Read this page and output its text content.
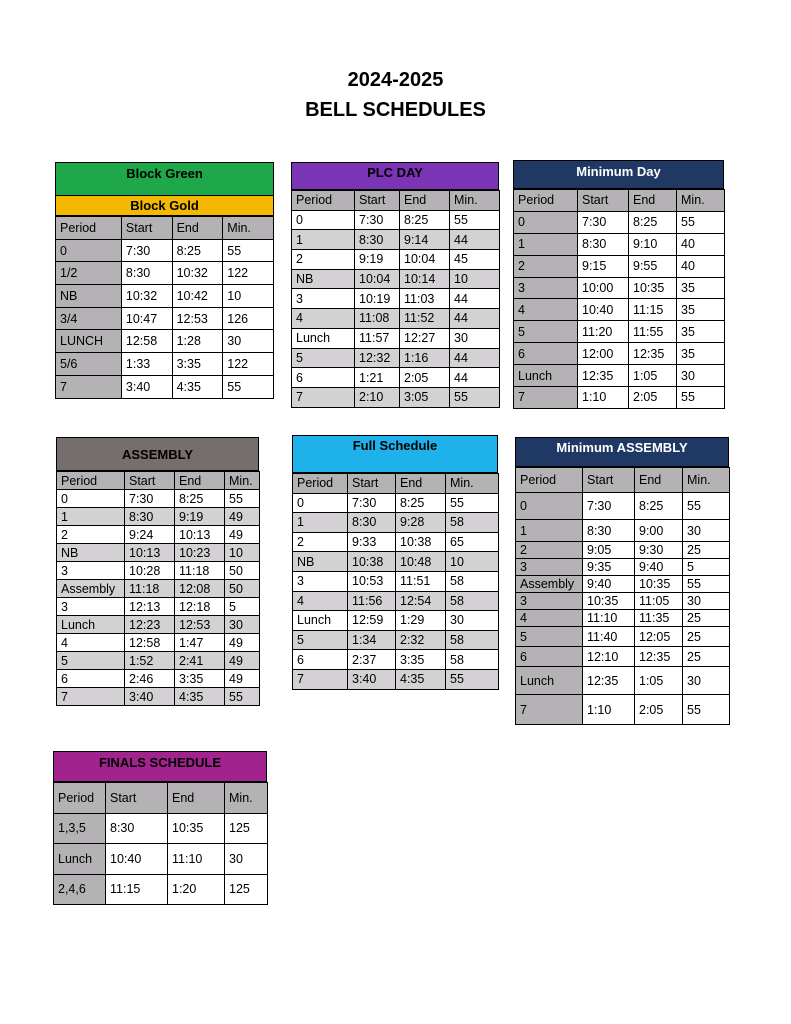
2024-2025
BELL SCHEDULES
Block Green
Block Gold
Period	Start	End	Min.
0	7:30	8:25	55
1/2	8:30	10:32	122
NB	10:32	10:42	10
3/4	10:47	12:53	126
LUNCH	12:58	1:28	30
5/6	1:33	3:35	122
7	3:40	4:35	55
PLC DAY
Period	Start	End	Min.
0	7:30	8:25	55
1	8:30	9:14	44
2	9:19	10:04	45
NB	10:04	10:14	10
3	10:19	11:03	44
4	11:08	11:52	44
Lunch	11:57	12:27	30
5	12:32	1:16	44
6	1:21	2:05	44
7	2:10	3:05	55
Minimum Day
Period	Start	End	Min.
0	7:30	8:25	55
1	8:30	9:10	40
2	9:15	9:55	40
3	10:00	10:35	35
4	10:40	11:15	35
5	11:20	11:55	35
6	12:00	12:35	35
Lunch	12:35	1:05	30
7	1:10	2:05	55
ASSEMBLY
Period	Start	End	Min.
0	7:30	8:25	55
1	8:30	9:19	49
2	9:24	10:13	49
NB	10:13	10:23	10
3	10:28	11:18	50
Assembly	11:18	12:08	50
3	12:13	12:18	5
Lunch	12:23	12:53	30
4	12:58	1:47	49
5	1:52	2:41	49
6	2:46	3:35	49
7	3:40	4:35	55
Full Schedule
Period	Start	End	Min.
0	7:30	8:25	55
1	8:30	9:28	58
2	9:33	10:38	65
NB	10:38	10:48	10
3	10:53	11:51	58
4	11:56	12:54	58
Lunch	12:59	1:29	30
5	1:34	2:32	58
6	2:37	3:35	58
7	3:40	4:35	55
Minimum ASSEMBLY
Period	Start	End	Min.
0	7:30	8:25	55
1	8:30	9:00	30
2	9:05	9:30	25
3	9:35	9:40	5
Assembly	9:40	10:35	55
3	10:35	11:05	30
4	11:10	11:35	25
5	11:40	12:05	25
6	12:10	12:35	25
Lunch	12:35	1:05	30
7	1:10	2:05	55
FINALS SCHEDULE
Period	Start	End	Min.
1,3,5	8:30	10:35	125
Lunch	10:40	11:10	30
2,4,6	11:15	1:20	125
